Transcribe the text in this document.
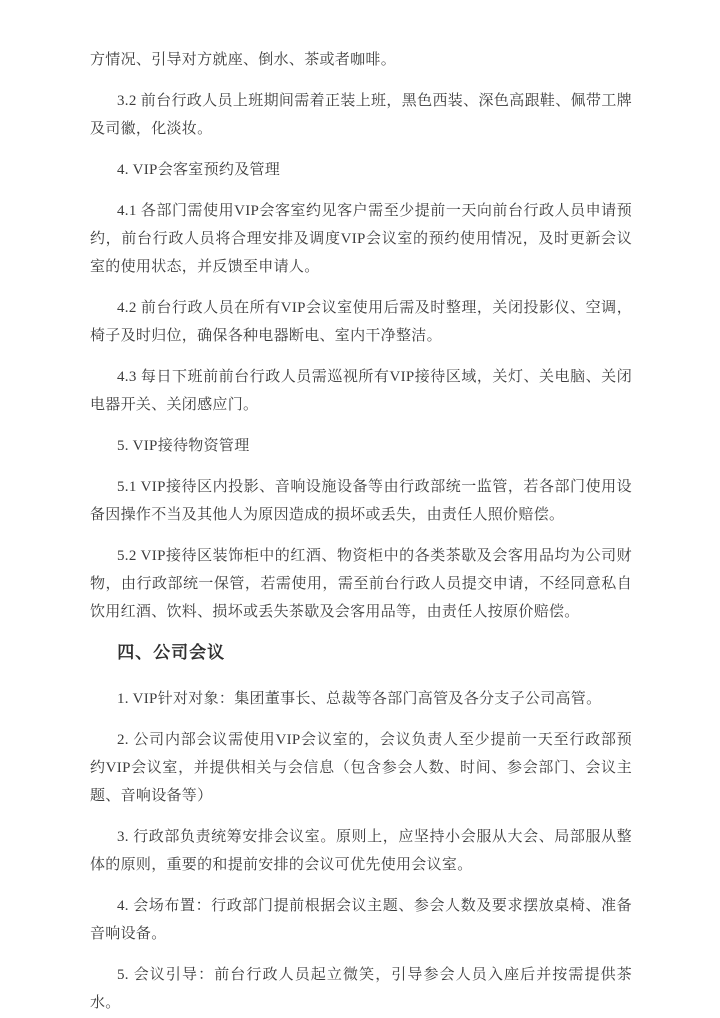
方情况、引导对方就座、倒水、茶或者咖啡。

3.2 前台行政人员上班期间需着正装上班，黑色西装、深色高跟鞋、佩带工牌及司徽，化淡妆。

4. VIP会客室预约及管理

4.1 各部门需使用VIP会客室约见客户需至少提前一天向前台行政人员申请预约，前台行政人员将合理安排及调度VIP会议室的预约使用情况，及时更新会议室的使用状态，并反馈至申请人。

4.2 前台行政人员在所有VIP会议室使用后需及时整理，关闭投影仪、空调，椅子及时归位，确保各种电器断电、室内干净整洁。

4.3 每日下班前前台行政人员需巡视所有VIP接待区域，关灯、关电脑、关闭电器开关、关闭感应门。

5. VIP接待物资管理

5.1 VIP接待区内投影、音响设施设备等由行政部统一监管，若各部门使用设备因操作不当及其他人为原因造成的损坏或丢失，由责任人照价赔偿。

5.2 VIP接待区装饰柜中的红酒、物资柜中的各类茶歇及会客用品均为公司财物，由行政部统一保管，若需使用，需至前台行政人员提交申请，不经同意私自饮用红酒、饮料、损坏或丢失茶歇及会客用品等，由责任人按原价赔偿。

四、公司会议

1. VIP针对对象：集团董事长、总裁等各部门高管及各分支子公司高管。

2. 公司内部会议需使用VIP会议室的，会议负责人至少提前一天至行政部预约VIP会议室，并提供相关与会信息（包含参会人数、时间、参会部门、会议主题、音响设备等）

3. 行政部负责统筹安排会议室。原则上，应坚持小会服从大会、局部服从整体的原则，重要的和提前安排的会议可优先使用会议室。

4. 会场布置：行政部门提前根据会议主题、参会人数及要求摆放桌椅、准备音响设备。

5. 会议引导：前台行政人员起立微笑，引导参会人员入座后并按需提供茶水。
